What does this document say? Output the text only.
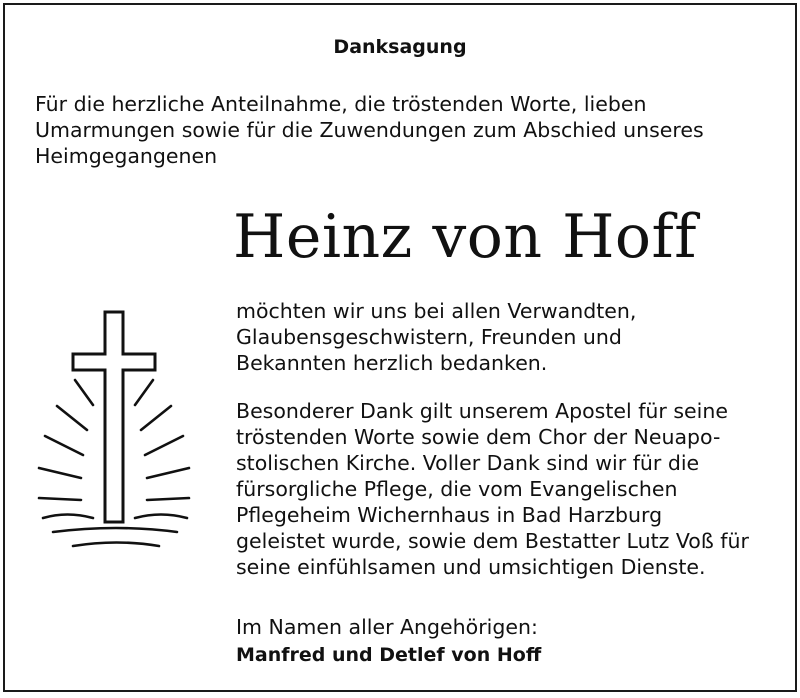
Danksagung
Für die herzliche Anteilnahme, die tröstenden Worte, lieben
Umarmungen sowie für die Zuwendungen zum Abschied unseres
Heimgegangenen
Heinz von Hoff
möchten wir uns bei allen Verwandten,
Glaubensgeschwistern, Freunden und
Bekannten herzlich bedanken.
Besonderer Dank gilt unserem Apostel für seine
tröstenden Worte sowie dem Chor der Neuapo-
stolischen Kirche. Voller Dank sind wir für die
fürsorgliche Pflege, die vom Evangelischen
Pflegeheim Wichernhaus in Bad Harzburg
geleistet wurde, sowie dem Bestatter Lutz Voß für
seine einfühlsamen und umsichtigen Dienste.
Im Namen aller Angehörigen:
Manfred und Detlef von Hoff
